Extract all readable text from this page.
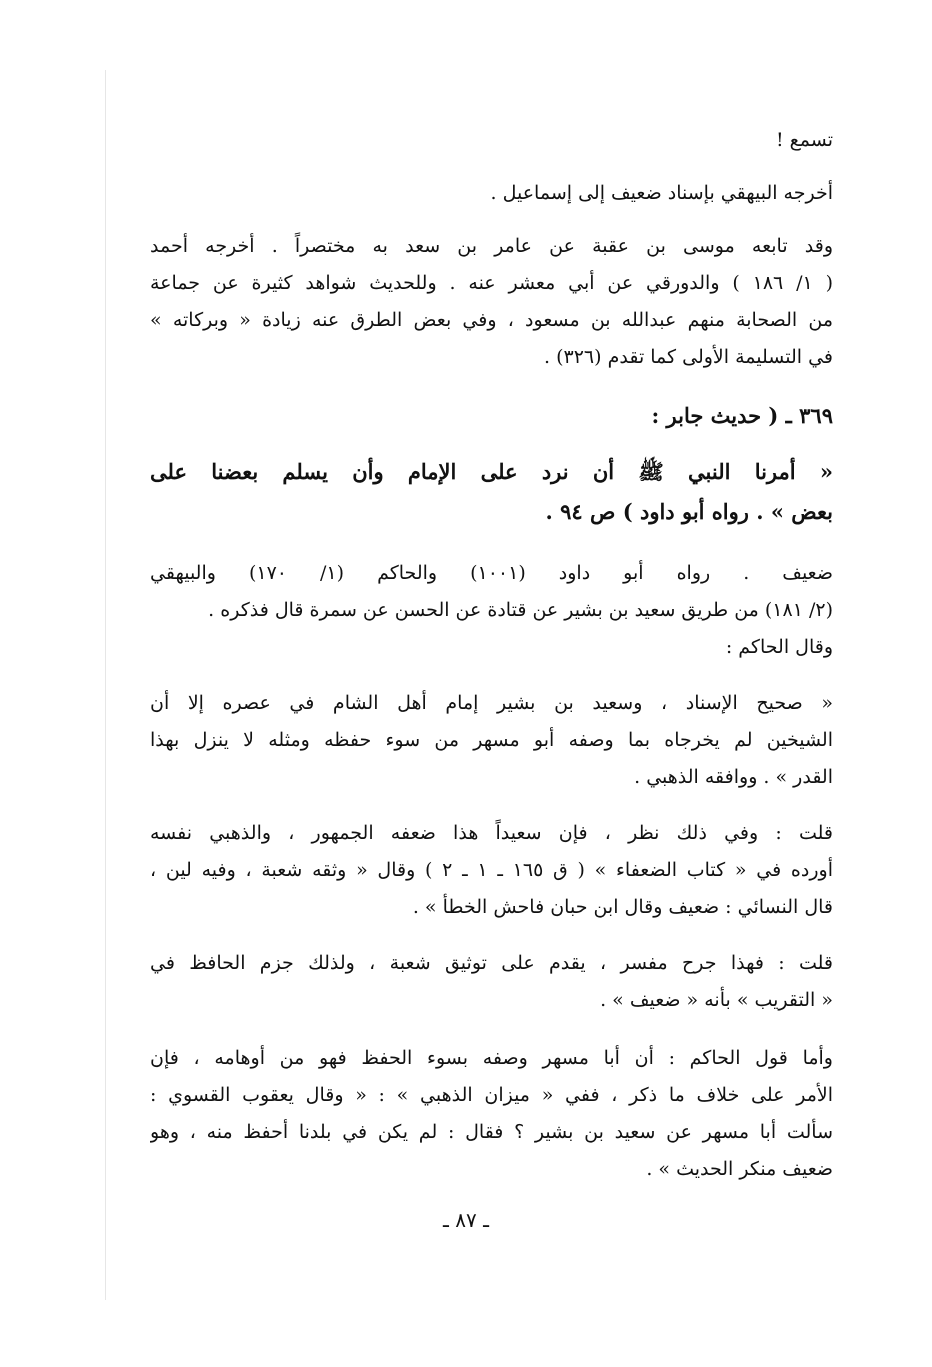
تسمع !
أخرجه البيهقي بإسناد ضعيف إلى إسماعيل .
وقد تابعه موسى بن عقبة عن عامر بن سعد به مختصراً . أخرجه أحمد
( ١/ ١٨٦ ) والدورقي عن أبي معشر عنه . وللحديث شواهد كثيرة عن جماعة
من الصحابة منهم عبدالله بن مسعود ، وفي بعض الطرق عنه زيادة « وبركاته »
في التسليمة الأولى كما تقدم (٣٢٦) .
٣٦٩ ـ ( حديث جابر :
« أمرنا النبي ﷺ أن نرد على الإمام وأن يسلم بعضنا على
بعض » . رواه أبو داود ) ص ٩٤ .
ضعيف . رواه أبو داود (١٠٠١) والحاكم (١/ ١٧٠) والبيهقي
(٢/ ١٨١) من طريق سعيد بن بشير عن قتادة عن الحسن عن سمرة قال فذكره .
وقال الحاكم :
« صحيح الإسناد ، وسعيد بن بشير إمام أهل الشام في عصره إلا أن
الشيخين لم يخرجاه بما وصفه أبو مسهر من سوء حفظه ومثله لا ينزل بهذا
القدر » . ووافقه الذهبي .
قلت : وفي ذلك نظر ، فإن سعيداً هذا ضعفه الجمهور ، والذهبي نفسه
أورده في « كتاب الضعفاء » ( ق ١٦٥ ـ ١ ـ ٢ ) وقال « وثقه شعبة ، وفيه لين ،
قال النسائي : ضعيف وقال ابن حبان فاحش الخطأ » .
قلت : فهذا جرح مفسر ، يقدم على توثيق شعبة ، ولذلك جزم الحافظ في
« التقريب » بأنه « ضعيف » .
وأما قول الحاكم : أن أبا مسهر وصفه بسوء الحفظ فهو من أوهامه ، فإن
الأمر على خلاف ما ذكر ، ففي « ميزان الذهبي » : « وقال يعقوب القسوي :
سألت أبا مسهر عن سعيد بن بشير ؟ فقال : لم يكن في بلدنا أحفظ منه ، وهو
ضعيف منكر الحديث » .
ـ ٨٧ ـ
